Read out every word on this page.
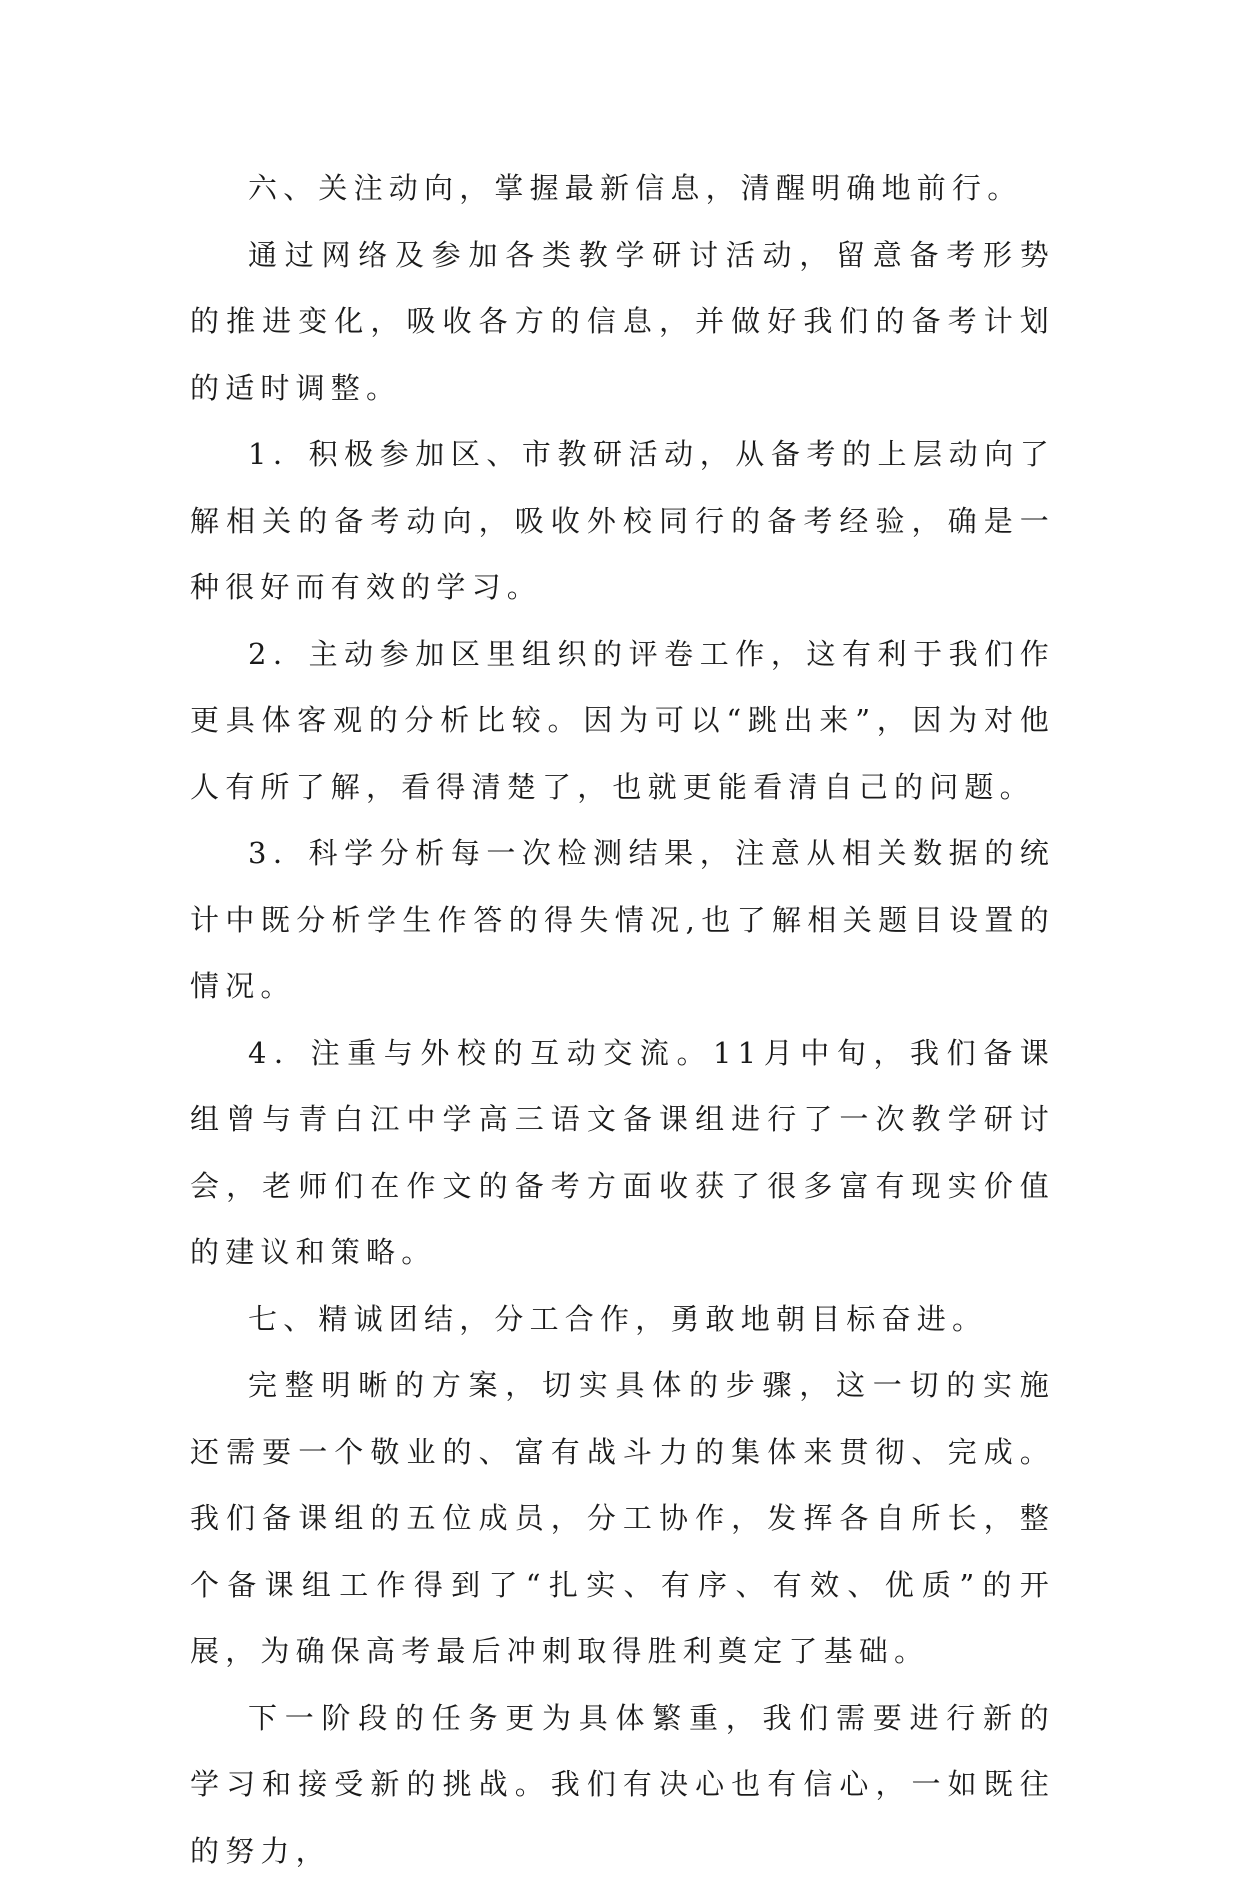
六、关注动向，掌握最新信息，清醒明确地前行。

通过网络及参加各类教学研讨活动，留意备考形势的推进变化，吸收各方的信息，并做好我们的备考计划的适时调整。

1．积极参加区、市教研活动，从备考的上层动向了解相关的备考动向，吸收外校同行的备考经验，确是一种很好而有效的学习。

2．主动参加区里组织的评卷工作，这有利于我们作更具体客观的分析比较。因为可以“跳出来”，因为对他人有所了解，看得清楚了，也就更能看清自己的问题。

3．科学分析每一次检测结果，注意从相关数据的统计中既分析学生作答的得失情况,也了解相关题目设置的情况。

4．注重与外校的互动交流。11月中旬，我们备课组曾与青白江中学高三语文备课组进行了一次教学研讨会，老师们在作文的备考方面收获了很多富有现实价值的建议和策略。

七、精诚团结，分工合作，勇敢地朝目标奋进。

完整明晰的方案，切实具体的步骤，这一切的实施还需要一个敬业的、富有战斗力的集体来贯彻、完成。我们备课组的五位成员，分工协作，发挥各自所长，整个备课组工作得到了“扎实、有序、有效、优质”的开展，为确保高考最后冲刺取得胜利奠定了基础。

下一阶段的任务更为具体繁重，我们需要进行新的学习和接受新的挑战。我们有决心也有信心，一如既往的努力，
